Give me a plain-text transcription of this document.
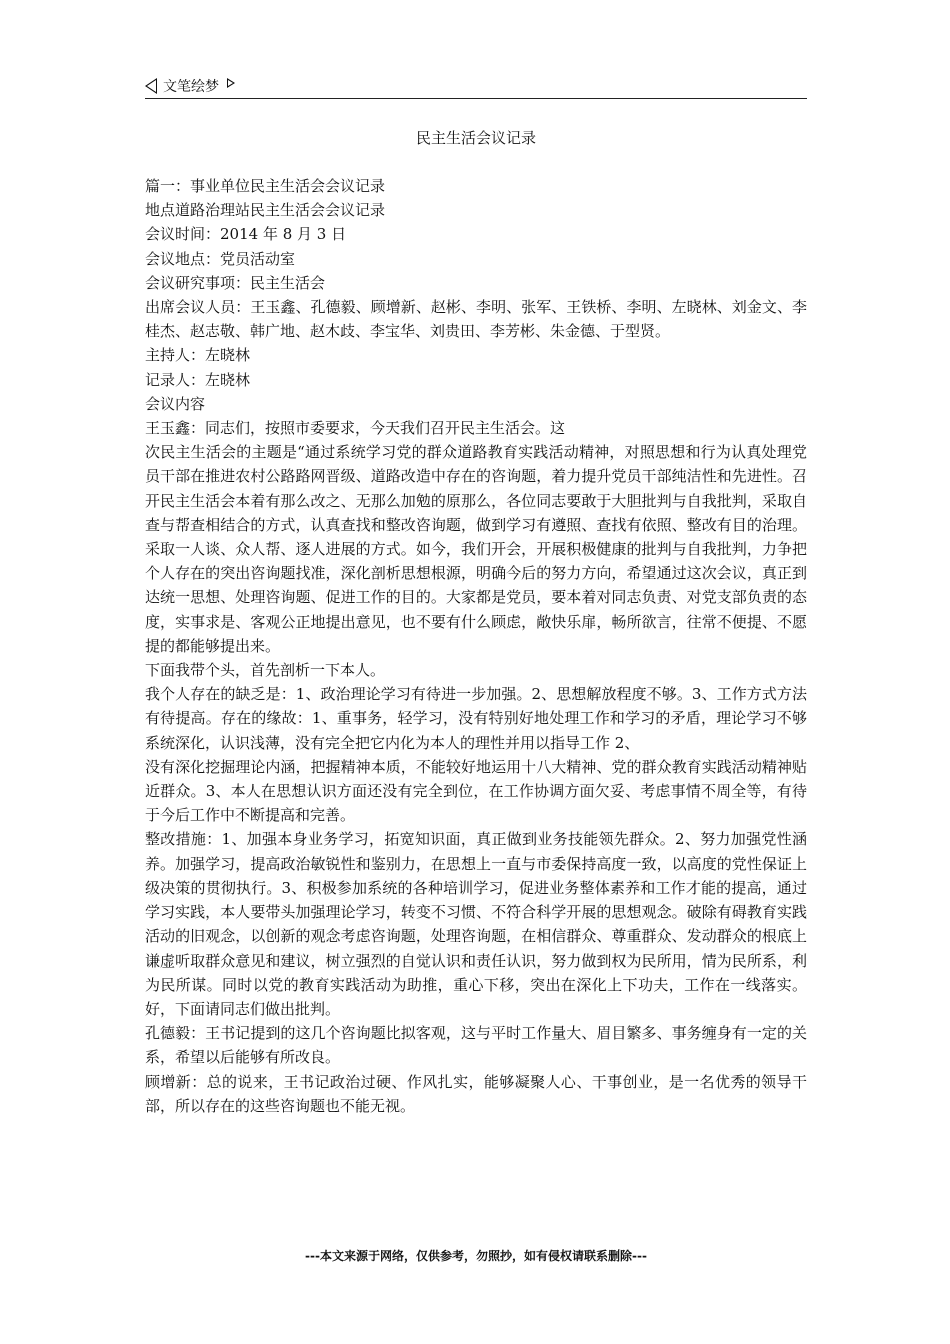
文笔绘梦
民主生活会议记录

篇一：事业单位民主生活会会议记录

地点道路治理站民主生活会会议记录

会议时间：2014 年 8 月 3 日

会议地点：党员活动室

会议研究事项：民主生活会

出席会议人员：王玉鑫、孔德毅、顾增新、赵彬、李明、张军、王铁桥、李明、左晓林、刘金文、李桂杰、赵志敬、韩广地、赵木歧、李宝华、刘贵田、李芳彬、朱金德、于型贤。

主持人：左晓林

记录人：左晓林

会议内容

王玉鑫：同志们，按照市委要求，今天我们召开民主生活会。这

次民主生活会的主题是“通过系统学习党的群众道路教育实践活动精神，对照思想和行为认真处理党员干部在推进农村公路路网晋级、道路改造中存在的咨询题，着力提升党员干部纯洁性和先进性。召开民主生活会本着有那么改之、无那么加勉的原那么，各位同志要敢于大胆批判与自我批判，采取自查与帮查相结合的方式，认真查找和整改咨询题，做到学习有遵照、查找有依照、整改有目的治理。采取一人谈、众人帮、逐人进展的方式。如今，我们开会，开展积极健康的批判与自我批判，力争把个人存在的突出咨询题找准，深化剖析思想根源，明确今后的努力方向，希望通过这次会议，真正到达统一思想、处理咨询题、促进工作的目的。大家都是党员，要本着对同志负责、对党支部负责的态度，实事求是、客观公正地提出意见，也不要有什么顾虑，敞快乐扉，畅所欲言，往常不便提、不愿提的都能够提出来。

下面我带个头，首先剖析一下本人。

我个人存在的缺乏是：1、政治理论学习有待进一步加强。2、思想解放程度不够。3、工作方式方法有待提高。存在的缘故：1、重事务，轻学习，没有特别好地处理工作和学习的矛盾，理论学习不够系统深化，认识浅薄，没有完全把它内化为本人的理性并用以指导工作 2、

没有深化挖掘理论内涵，把握精神本质，不能较好地运用十八大精神、党的群众教育实践活动精神贴近群众。3、本人在思想认识方面还没有完全到位，在工作协调方面欠妥、考虑事情不周全等，有待于今后工作中不断提高和完善。

整改措施：1、加强本身业务学习，拓宽知识面，真正做到业务技能领先群众。2、努力加强党性涵养。加强学习，提高政治敏锐性和鉴别力，在思想上一直与市委保持高度一致，以高度的党性保证上级决策的贯彻执行。3、积极参加系统的各种培训学习，促进业务整体素养和工作才能的提高，通过学习实践，本人要带头加强理论学习，转变不习惯、不符合科学开展的思想观念。破除有碍教育实践活动的旧观念，以创新的观念考虑咨询题，处理咨询题，在相信群众、尊重群众、发动群众的根底上谦虚听取群众意见和建议，树立强烈的自觉认识和责任认识，努力做到权为民所用，情为民所系，利为民所谋。同时以党的教育实践活动为助推，重心下移，突出在深化上下功夫，工作在一线落实。好，下面请同志们做出批判。

孔德毅：王书记提到的这几个咨询题比拟客观，这与平时工作量大、眉目繁多、事务缠身有一定的关系，希望以后能够有所改良。

顾增新：总的说来，王书记政治过硬、作风扎实，能够凝聚人心、干事创业，是一名优秀的领导干部，所以存在的这些咨询题也不能无视。

---本文来源于网络，仅供参考，勿照抄，如有侵权请联系删除---
